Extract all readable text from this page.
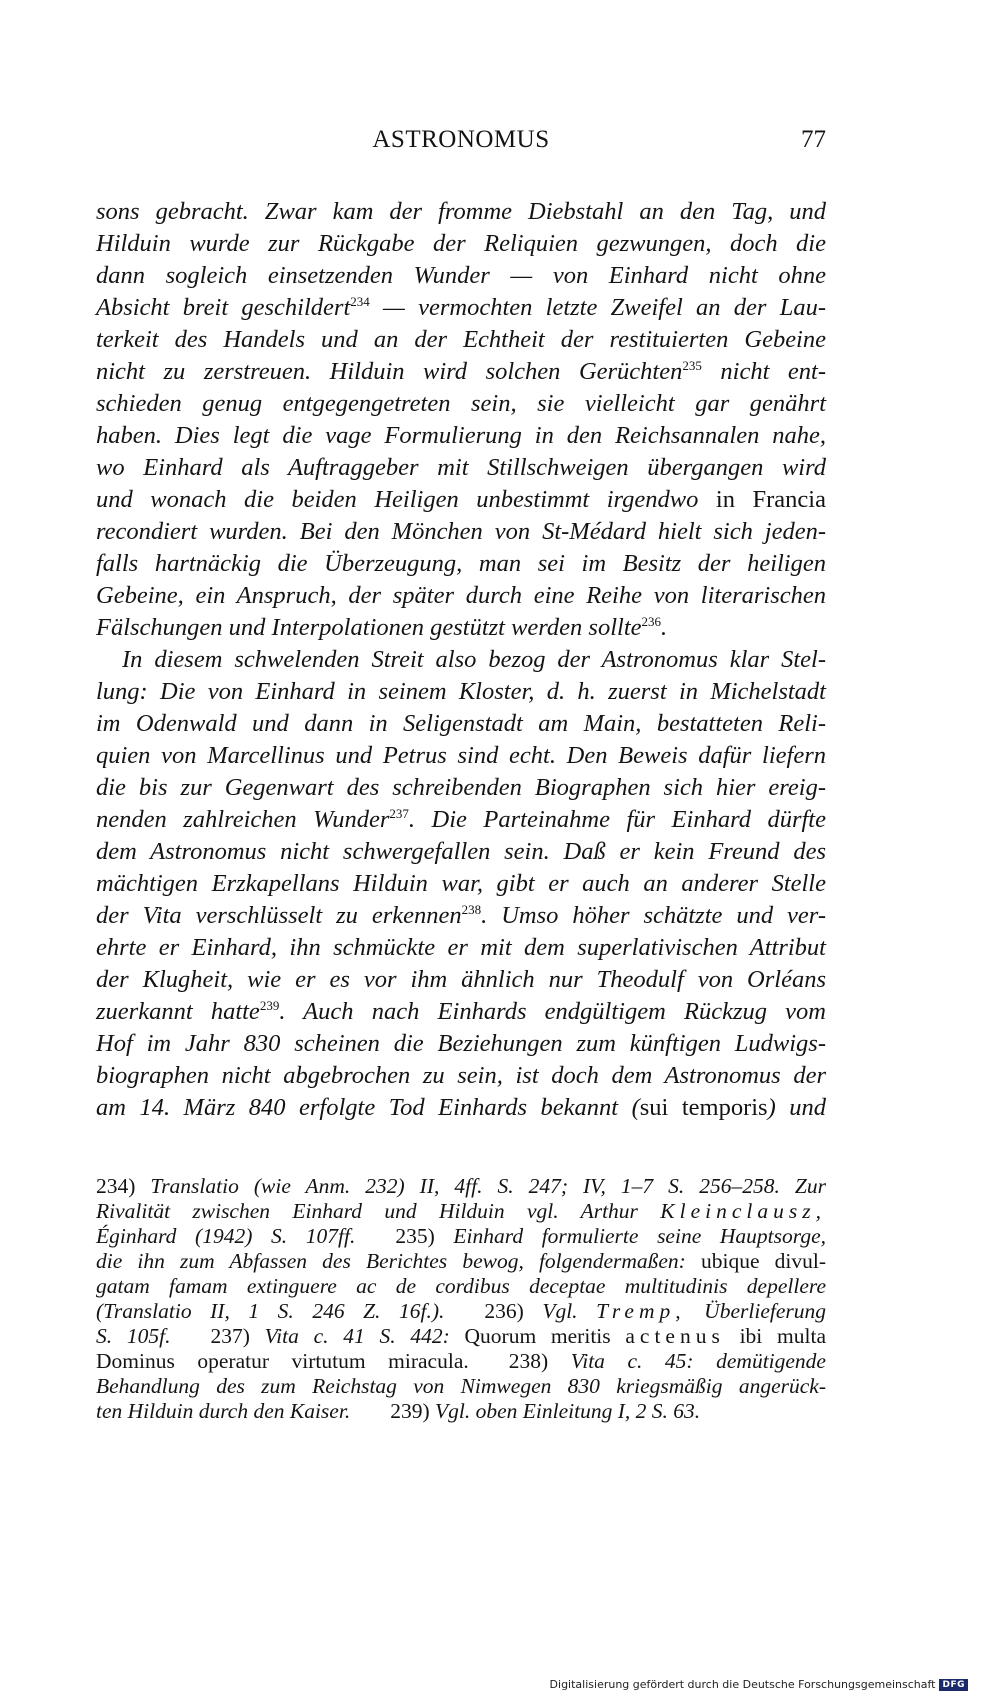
ASTRONOMUS	77
sons gebracht. Zwar kam der fromme Diebstahl an den Tag, und
Hilduin wurde zur Rückgabe der Reliquien gezwungen, doch die
dann sogleich einsetzenden Wunder — von Einhard nicht ohne
Absicht breit geschildert$^{234}$ — vermochten letzte Zweifel an der Lau-
terkeit des Handels und an der Echtheit der restituierten Gebeine
nicht zu zerstreuen. Hilduin wird solchen Gerüchten$^{235}$ nicht ent-
schieden genug entgegengetreten sein, sie vielleicht gar genährt
haben. Dies legt die vage Formulierung in den Reichsannalen nahe,
wo Einhard als Auftraggeber mit Stillschweigen übergangen wird
und wonach die beiden Heiligen unbestimmt irgendwo in Francia
recondiert wurden. Bei den Mönchen von St-Médard hielt sich jeden-
falls hartnäckig die Überzeugung, man sei im Besitz der heiligen
Gebeine, ein Anspruch, der später durch eine Reihe von literarischen
Fälschungen und Interpolationen gestützt werden sollte$^{236}$.
In diesem schwelenden Streit also bezog der Astronomus klar Stel-
lung: Die von Einhard in seinem Kloster, d. h. zuerst in Michelstadt
im Odenwald und dann in Seligenstadt am Main, bestatteten Reli-
quien von Marcellinus und Petrus sind echt. Den Beweis dafür liefern
die bis zur Gegenwart des schreibenden Biographen sich hier ereig-
nenden zahlreichen Wunder$^{237}$. Die Parteinahme für Einhard dürfte
dem Astronomus nicht schwergefallen sein. Daß er kein Freund des
mächtigen Erzkapellans Hilduin war, gibt er auch an anderer Stelle
der Vita verschlüsselt zu erkennen$^{238}$. Umso höher schätzte und ver-
ehrte er Einhard, ihn schmückte er mit dem superlativischen Attribut
der Klugheit, wie er es vor ihm ähnlich nur Theodulf von Orléans
zuerkannt hatte$^{239}$. Auch nach Einhards endgültigem Rückzug vom
Hof im Jahr 830 scheinen die Beziehungen zum künftigen Ludwigs-
biographen nicht abgebrochen zu sein, ist doch dem Astronomus der
am 14. März 840 erfolgte Tod Einhards bekannt (sui temporis) und
234) Translatio (wie Anm. 232) II, 4ff. S. 247; IV, 1–7 S. 256–258. Zur
Rivalität zwischen Einhard und Hilduin vgl. Arthur Kleinclausz,
Éginhard (1942) S. 107ff. 235) Einhard formulierte seine Hauptsorge,
die ihn zum Abfassen des Berichtes bewog, folgendermaßen: ubique divul-
gatam famam extinguere ac de cordibus deceptae multitudinis depellere
(Translatio II, 1 S. 246 Z. 16f.). 236) Vgl. Tremp, Überlieferung
S. 105f. 237) Vita c. 41 S. 442: Quorum meritis actenus ibi multa
Dominus operatur virtutum miracula. 238) Vita c. 45: demütigende
Behandlung des zum Reichstag von Nimwegen 830 kriegsmäßig angerück-
ten Hilduin durch den Kaiser. 239) Vgl. oben Einleitung I, 2 S. 63.
Digitalisierung gefördert durch die Deutsche Forschungsgemeinschaft DFG
